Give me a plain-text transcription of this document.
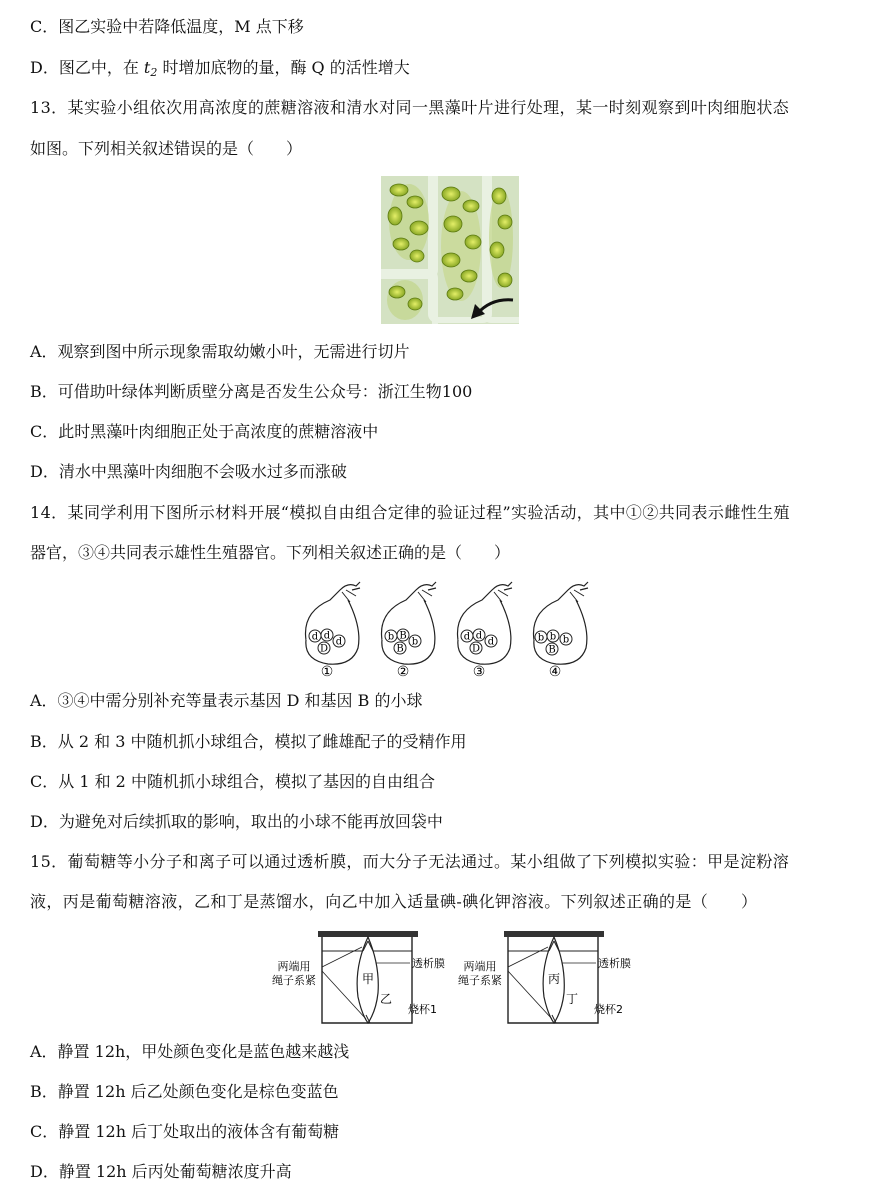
C．图乙实验中若降低温度，M 点下移
D．图乙中，在 $t_2$ 时增加底物的量，酶 Q 的活性增大
13．某实验小组依次用高浓度的蔗糖溶液和清水对同一黑藻叶片进行处理，某一时刻观察到叶肉细胞状态
如图。下列相关叙述错误的是（　　）
A．观察到图中所示现象需取幼嫩小叶，无需进行切片
B．可借助叶绿体判断质壁分离是否发生公众号：浙江生物100
C．此时黑藻叶肉细胞正处于高浓度的蔗糖溶液中
D．清水中黑藻叶肉细胞不会吸水过多而涨破
14．某同学利用下图所示材料开展“模拟自由组合定律的验证过程”实验活动，其中①②共同表示雌性生殖
器官，③④共同表示雄性生殖器官。下列相关叙述正确的是（　　）
d d
d
D
①
b B
B
b
②
d d
d
D
③
b b b
B
④
A．③④中需分别补充等量表示基因 D 和基因 B 的小球
B．从 2 和 3 中随机抓小球组合，模拟了雌雄配子的受精作用
C．从 1 和 2 中随机抓小球组合，模拟了基因的自由组合
D．为避免对后续抓取的影响，取出的小球不能再放回袋中
15．葡萄糖等小分子和离子可以通过透析膜，而大分子无法通过。某小组做了下列模拟实验：甲是淀粉溶
液，丙是葡萄糖溶液，乙和丁是蒸馏水，向乙中加入适量碘-碘化钾溶液。下列叙述正确的是（　　）
两端用
绳子系紧	甲
乙
透析膜
烧杯1
两端用
绳子系紧	丙
丁
透析膜
烧杯2
A．静置 12h，甲处颜色变化是蓝色越来越浅
B．静置 12h 后乙处颜色变化是棕色变蓝色
C．静置 12h 后丁处取出的液体含有葡萄糖
D．静置 12h 后丙处葡萄糖浓度升高
